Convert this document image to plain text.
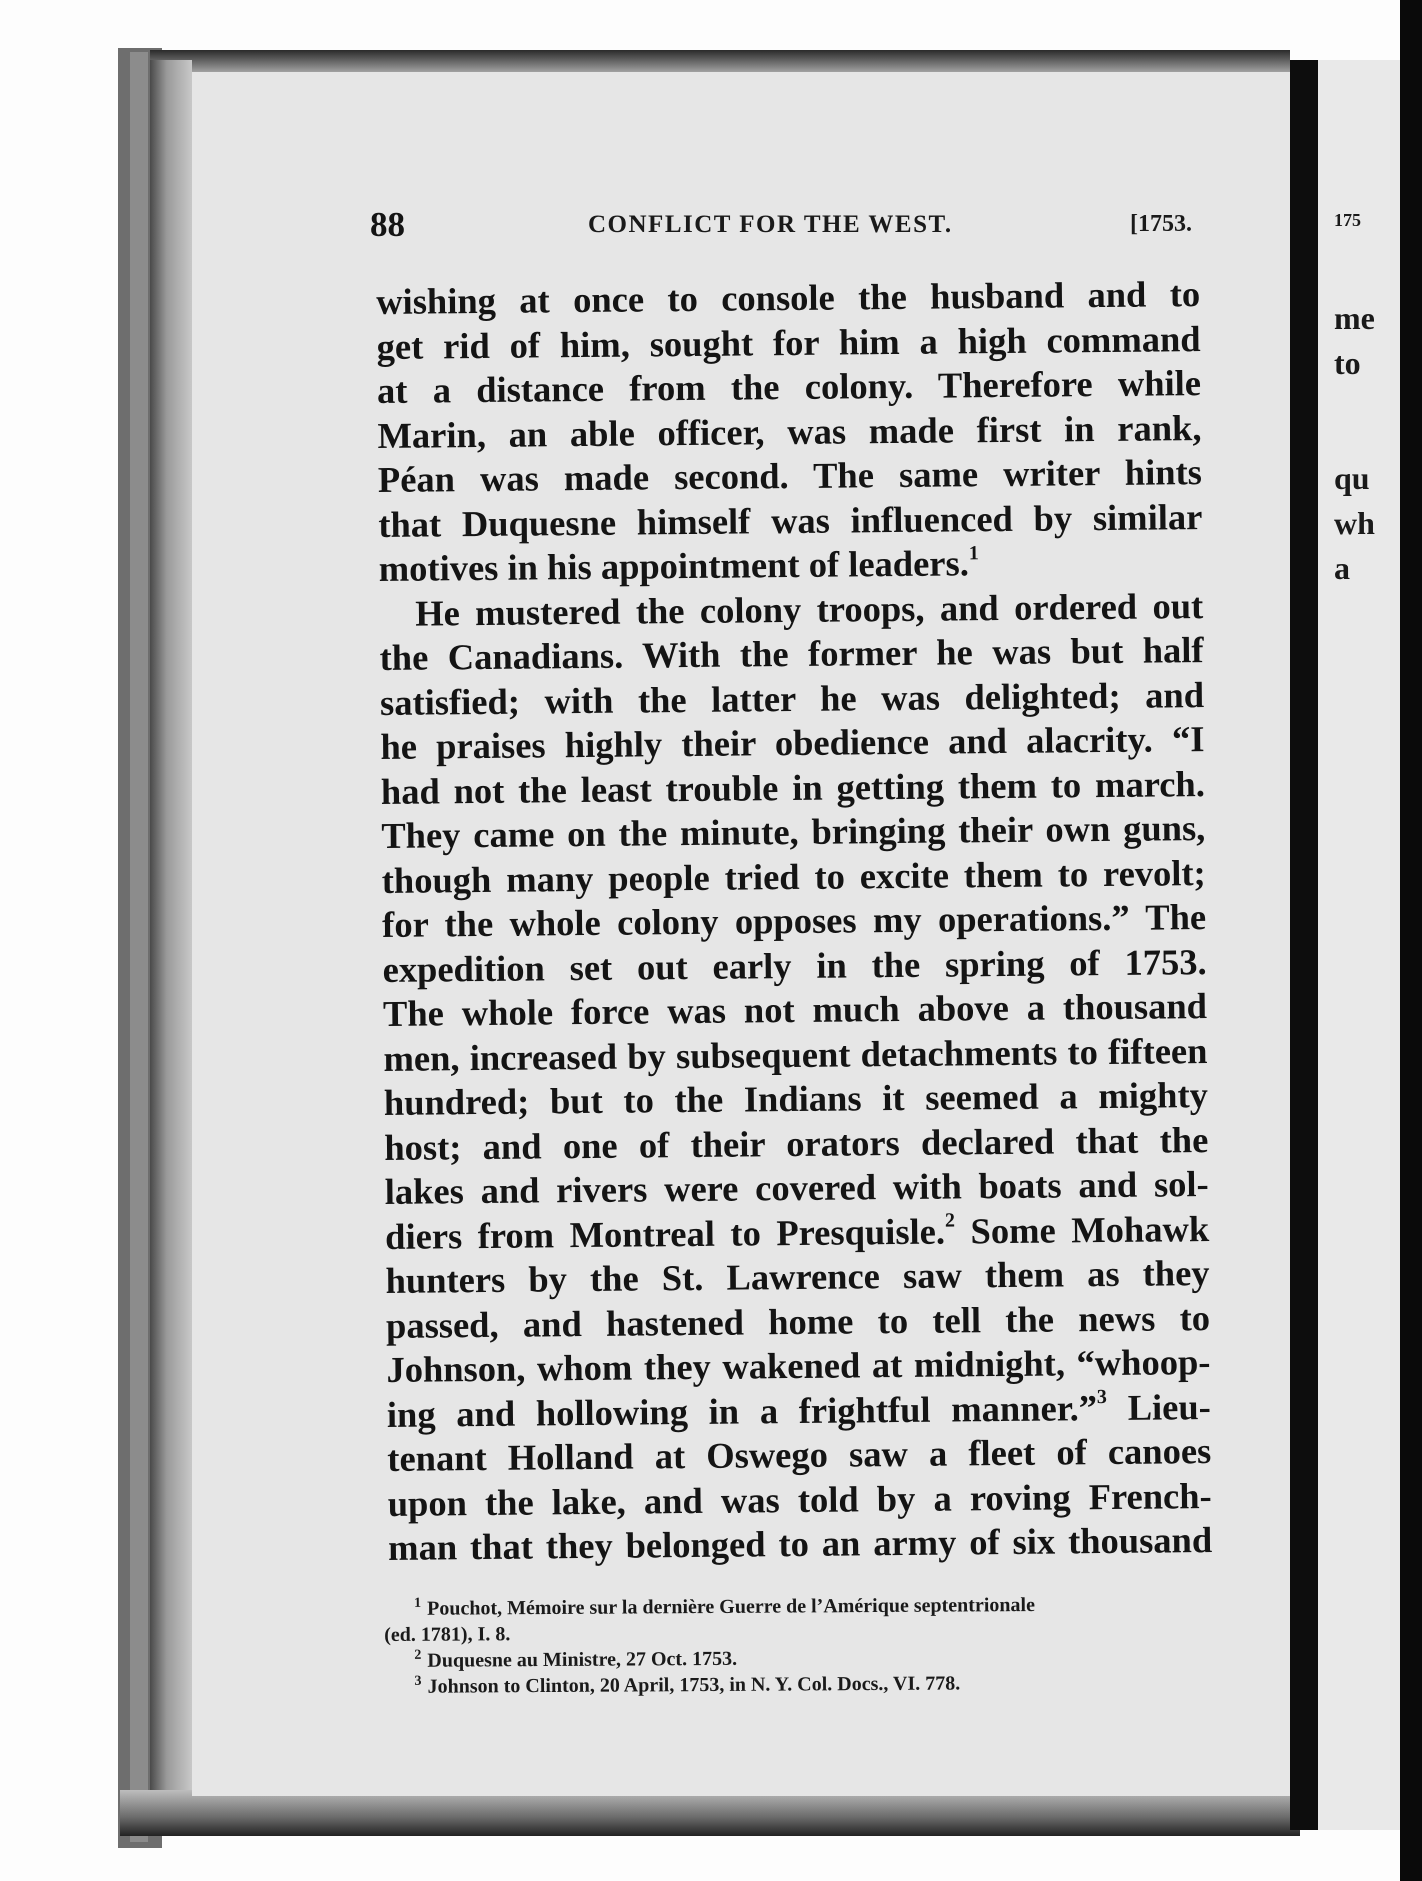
175
me
to
qu
wh
a
88	CONFLICT FOR THE WEST.	[1753.

wishing at once to console the husband and to
get rid of him, sought for him a high command
at a distance from the colony. Therefore while
Marin, an able officer, was made first in rank,
Péan was made second. The same writer hints
that Duquesne himself was influenced by similar
motives in his appointment of leaders.$^1$

He mustered the colony troops, and ordered out
the Canadians. With the former he was but half
satisfied; with the latter he was delighted; and
he praises highly their obedience and alacrity. “I
had not the least trouble in getting them to march.
They came on the minute, bringing their own guns,
though many people tried to excite them to revolt;
for the whole colony opposes my operations.” The
expedition set out early in the spring of 1753.
The whole force was not much above a thousand
men, increased by subsequent detachments to fifteen
hundred; but to the Indians it seemed a mighty
host; and one of their orators declared that the
lakes and rivers were covered with boats and sol-
diers from Montreal to Presquisle.$^2$ Some Mohawk
hunters by the St. Lawrence saw them as they
passed, and hastened home to tell the news to
Johnson, whom they wakened at midnight, “whoop-
ing and hollowing in a frightful manner.”$^3$ Lieu-
tenant Holland at Oswego saw a fleet of canoes
upon the lake, and was told by a roving French-
man that they belonged to an army of six thousand

$^1$ Pouchot, Mémoire sur la dernière Guerre de l’Amérique septentrionale
(ed. 1781), I. 8.
$^2$ Duquesne au Ministre, 27 Oct. 1753.
$^3$ Johnson to Clinton, 20 April, 1753, in N. Y. Col. Docs., VI. 778.
